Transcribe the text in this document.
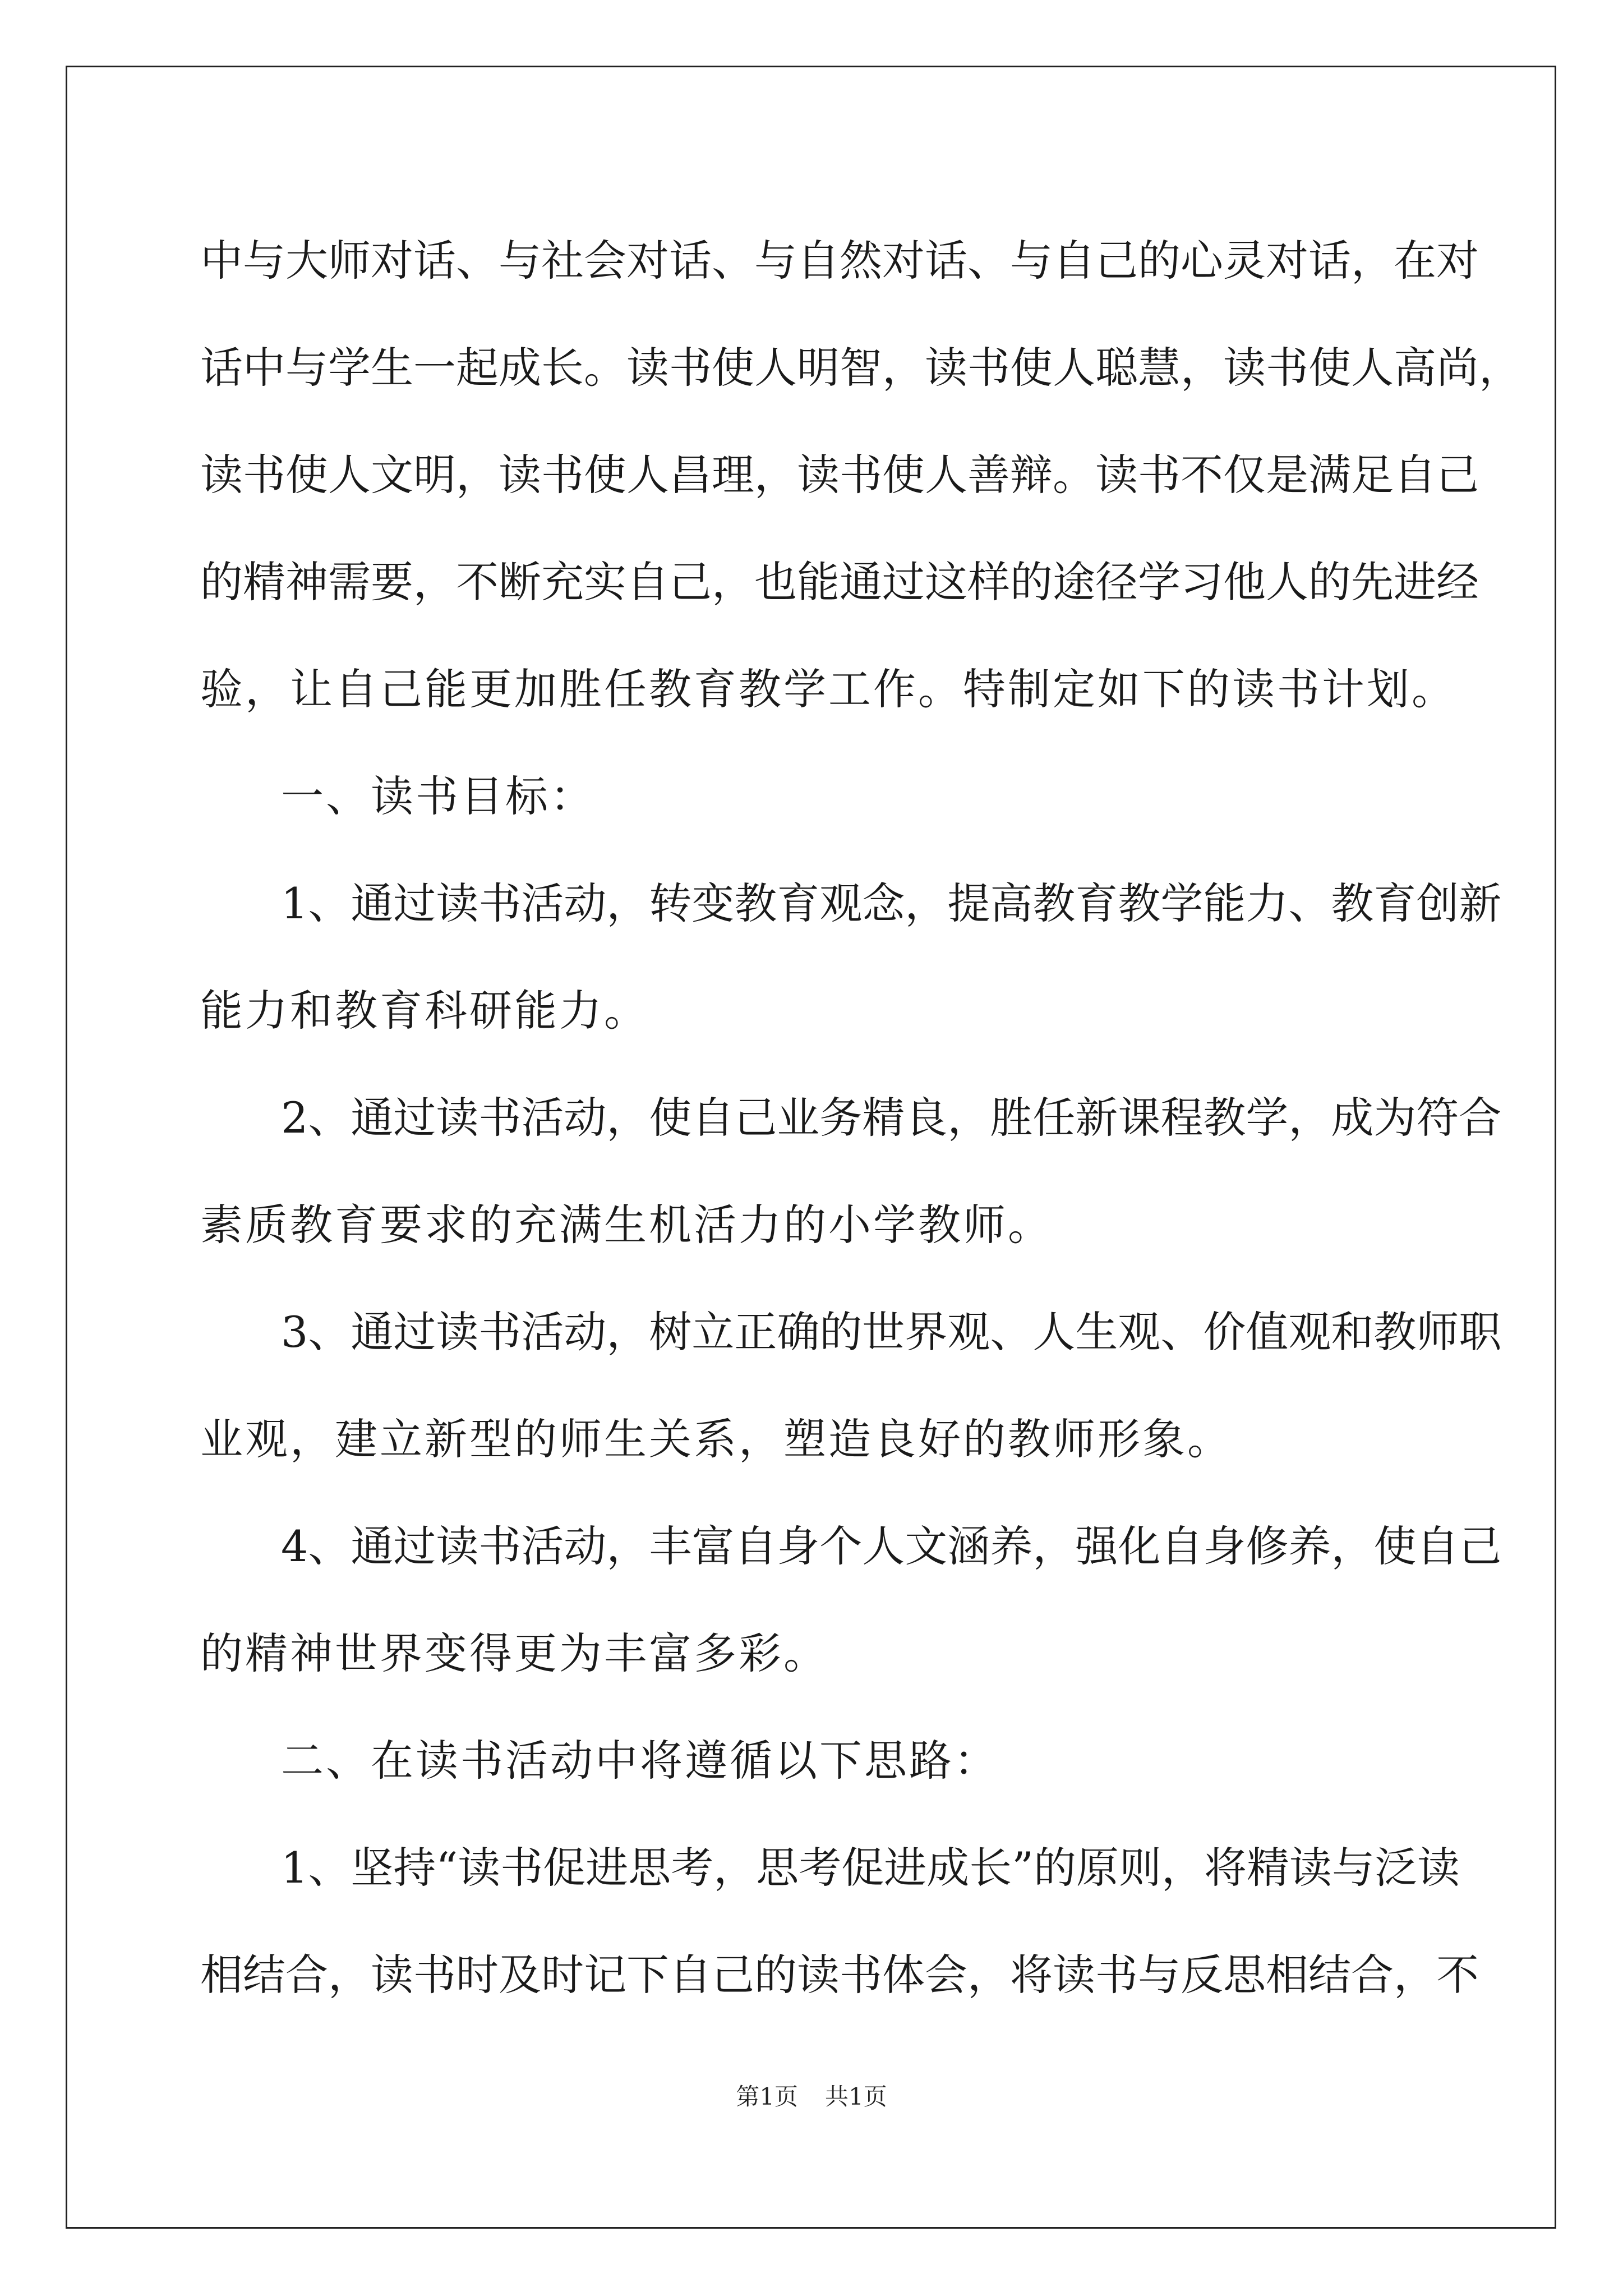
中与大师对话、与社会对话、与自然对话、与自己的心灵对话，在对
话中与学生一起成长。读书使人明智，读书使人聪慧，读书使人高尚，
读书使人文明，读书使人昌理，读书使人善辩。读书不仅是满足自己
的精神需要，不断充实自己，也能通过这样的途径学习他人的先进经
验，让自己能更加胜任教育教学工作。特制定如下的读书计划。
一、读书目标：
1、通过读书活动，转变教育观念，提高教育教学能力、教育创新
能力和教育科研能力。
2、通过读书活动，使自己业务精良，胜任新课程教学，成为符合
素质教育要求的充满生机活力的小学教师。
3、通过读书活动，树立正确的世界观、人生观、价值观和教师职
业观，建立新型的师生关系，塑造良好的教师形象。
4、通过读书活动，丰富自身个人文涵养，强化自身修养，使自己
的精神世界变得更为丰富多彩。
二、在读书活动中将遵循以下思路：
1、坚持“读书促进思考，思考促进成长”的原则，将精读与泛读
相结合，读书时及时记下自己的读书体会，将读书与反思相结合，不
第1页 共1页
